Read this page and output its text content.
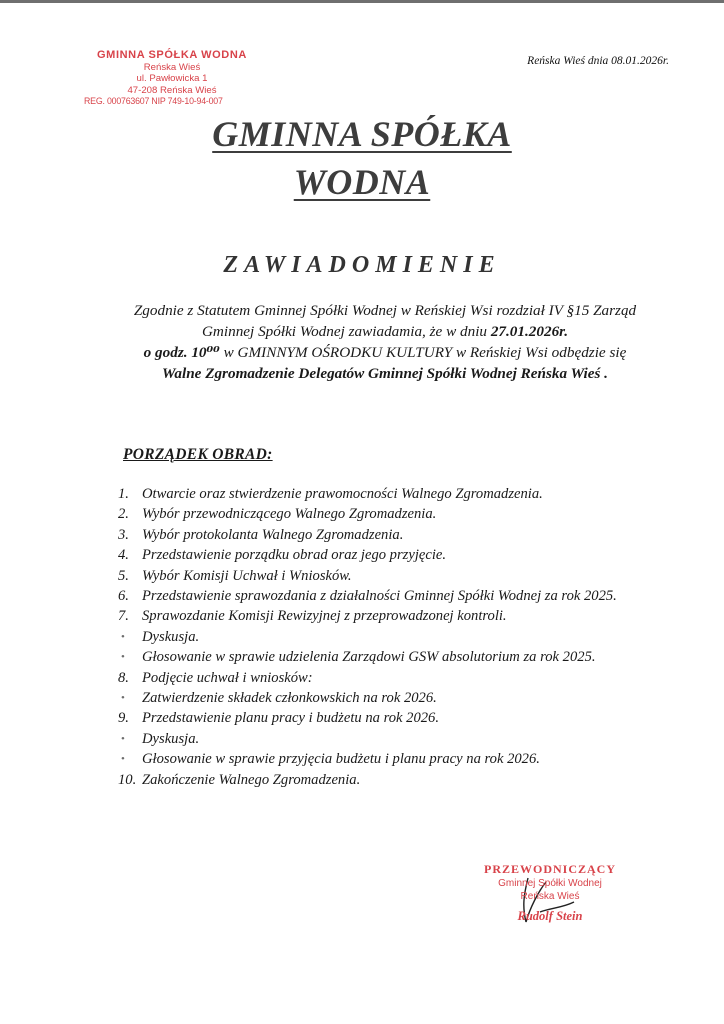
GMINNA SPÓŁKA WODNA
Reńska Wieś
ul. Pawłowicka 1
47-208 Reńska Wieś
REG. 000763607 NIP 749-10-94-007
Reńska Wieś dnia 08.01.2026r.
GMINNA SPÓŁKA
WODNA
ZAWIADOMIENIE
Zgodnie z Statutem Gminnej Spółki Wodnej w Reńskiej Wsi rozdział IV §15 Zarząd Gminnej Spółki Wodnej zawiadamia, że w dniu 27.01.2026r.
o godz. 10⁰⁰ w GMINNYM OŚRODKU KULTURY w Reńskiej Wsi odbędzie się
Walne Zgromadzenie Delegatów Gminnej Spółki Wodnej Reńska Wieś .
PORZĄDEK OBRAD:
1. Otwarcie oraz stwierdzenie prawomocności Walnego Zgromadzenia.
2. Wybór przewodniczącego Walnego Zgromadzenia.
3. Wybór protokolanta Walnego Zgromadzenia.
4. Przedstawienie porządku obrad oraz jego przyjęcie.
5. Wybór Komisji Uchwał i Wniosków.
6. Przedstawienie sprawozdania z działalności Gminnej Spółki Wodnej za rok 2025.
7. Sprawozdanie Komisji Rewizyjnej z przeprowadzonej kontroli.
•	Dyskusja.
•	Głosowanie w sprawie udzielenia Zarządowi GSW absolutorium za rok 2025.
8. Podjęcie uchwał i wniosków:
•	Zatwierdzenie składek członkowskich na rok 2026.
9. Przedstawienie planu pracy i budżetu na rok 2026.
•	Dyskusja.
•	Głosowanie w sprawie przyjęcia budżetu i planu pracy na rok 2026.
10. Zakończenie Walnego Zgromadzenia.
PRZEWODNICZĄCY
Gminnej Spółki Wodnej
Reńska Wieś
Rudolf Stein
